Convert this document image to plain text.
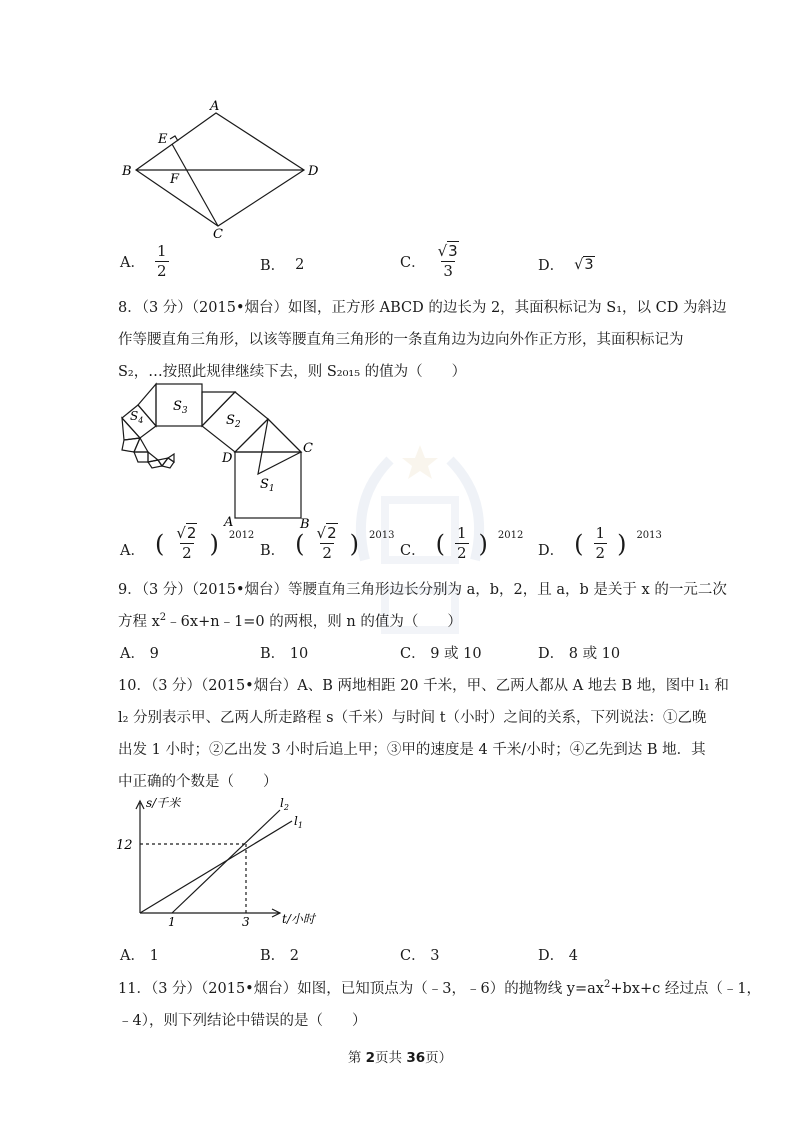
A
E
B
F
D
C
A． $\frac{1}{2}$	B． 2	C． $\frac{√3}{3}$	D． √3
8．（3 分）（2015•烟台）如图，正方形 ABCD 的边长为 2，其面积标记为 S₁，以 CD 为斜边
作等腰直角三角形，以该等腰直角三角形的一条直角边为边向外作正方形，其面积标记为
S₂，…按照此规律继续下去，则 S₂₀₁₅ 的值为（　　）
$S_3$
$S_2$
$S_4$
$S_1$
C
D
A	B
A． ( $\frac{√2}{2}$ ) 2012
B． ( $\frac{√2}{2}$ ) 2013
C． ( $\frac{1}{2}$ ) 2012
D． ( $\frac{1}{2}$ ) 2013
9．（3 分）（2015•烟台）等腰直角三角形边长分别为 a，b，2，且 a，b 是关于 x 的一元二次
方程 $x^2﹣6x+n﹣1=0$ 的两根，则 n 的值为（　　）
A． 9	B． 10	C． 9 或 10	D． 8 或 10
10．（3 分）（2015•烟台）A、B 两地相距 20 千米，甲、乙两人都从 A 地去 B 地，图中 l₁ 和
l₂ 分别表示甲、乙两人所走路程 s（千米）与时间 t（小时）之间的关系，下列说法：①乙晚
出发 1 小时；②乙出发 3 小时后追上甲；③甲的速度是 4 千米/小时；④乙先到达 B 地．其
中正确的个数是（　　）
s/千米
t/小时
12
1	3
$l_2$
$l_1$
A． 1	B． 2	C． 3	D． 4
11．（3 分）（2015•烟台）如图，已知顶点为（﹣3，﹣6）的抛物线 $y=ax^2+bx+c$ 经过点（﹣1，
﹣4），则下列结论中错误的是（　　）
第 2页共 36页）
